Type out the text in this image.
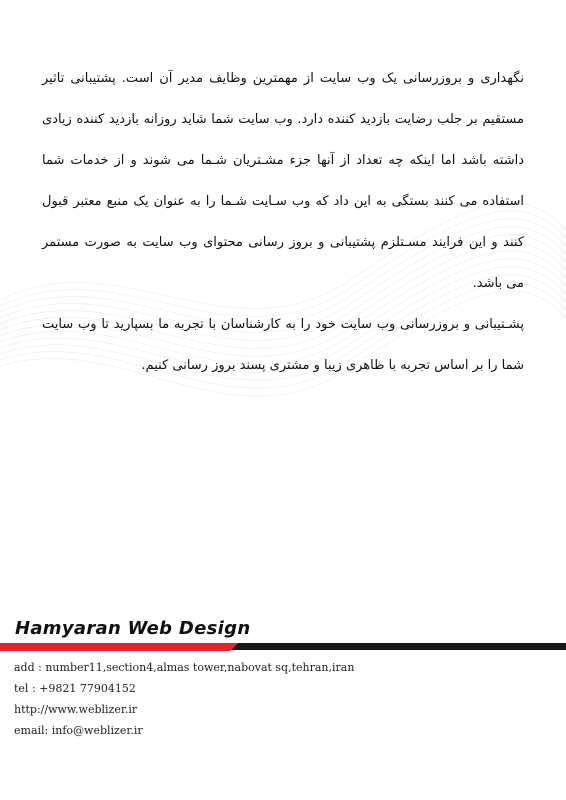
نگهداری و بروزرسانی یک وب سایت از مهمترین وظایف مدیر آن است. پشتیبانی تاثیر مستقیم بر جلب رضایت بازدید کننده دارد. وب سایت شما شاید روزانه بازدید کننده زیادی داشته باشد اما اینکه چه تعداد از آنها جزء مشـتریان شـما می شوند و از خدمات شما استفاده می کنند بستگی به این داد که وب سـایت شـما را به عنوان یک منبع معتبر قبول کنند و این فرایند مسـتلزم پشتیبانی و بروز رسانی محتوای وب سایت به صورت مستمر می باشد.

پشـتیبانی و بروزرسانی وب سایت خود را به کارشناسان با تجربه ما بسپارید تا وب سایت شما را بر اساس تجربه با ظاهری زیبا و مشتری پسند بروز رسانی کنیم.

Hamyaran Web Design
add : number11,section4,almas tower,nabovat sq,tehran,iran
tel : +9821 77904152
http://www.weblizer.ir
email: info@weblizer.ir
